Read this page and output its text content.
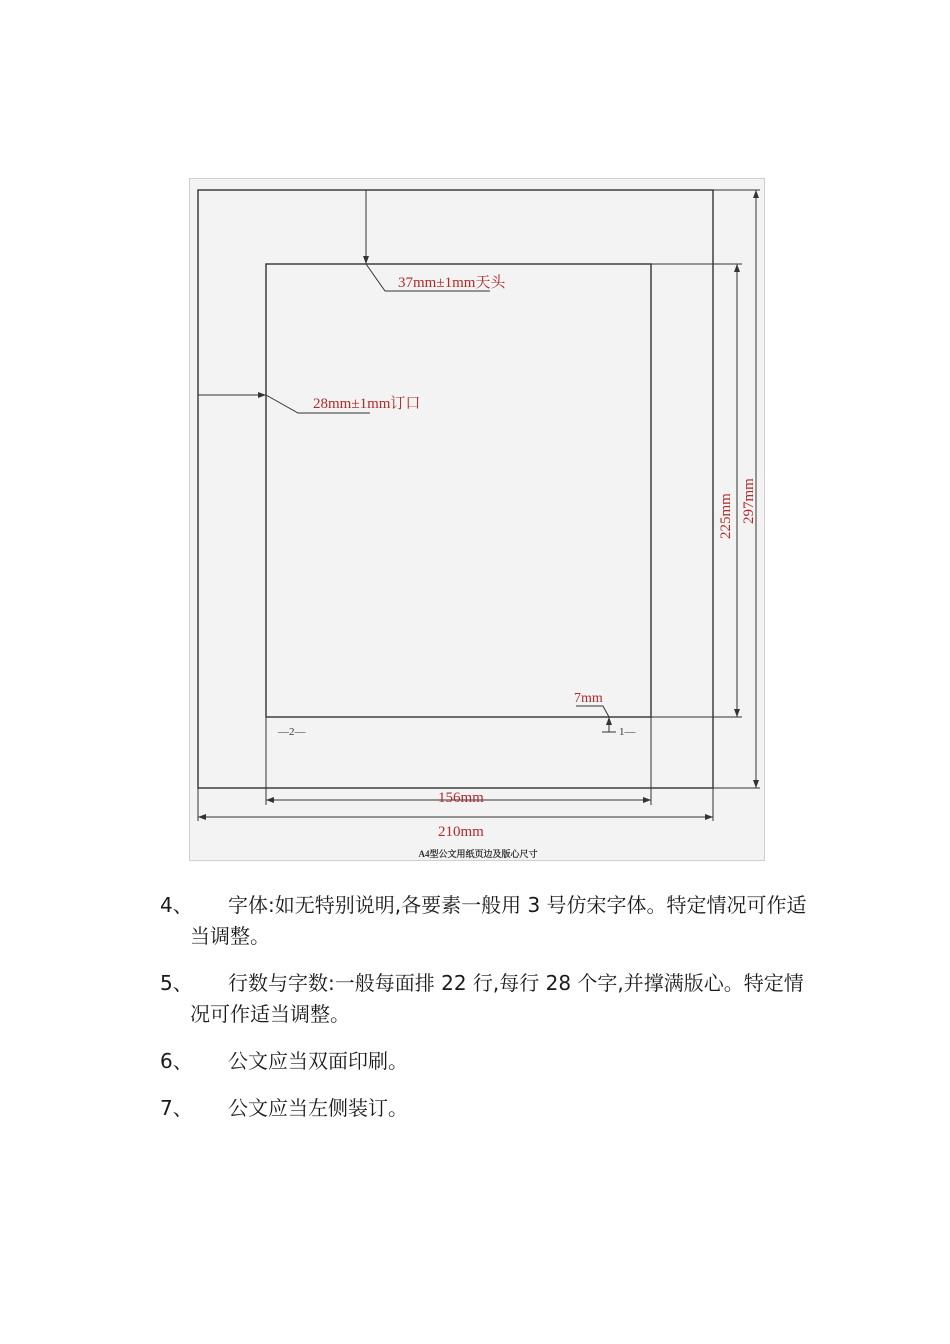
37mm±1mm天头
28mm±1mm订口
225mm 297mm
7mm
156mm
210mm
—2—	1—
A4型公文用纸页边及版心尺寸
4、	字体:如无特别说明,各要素一般用 3 号仿宋字体。特定情况可作适当调整。
5、	行数与字数:一般每面排 22 行,每行 28 个字,并撑满版心。特定情况可作适当调整。
6、	公文应当双面印刷。
7、	公文应当左侧装订。
